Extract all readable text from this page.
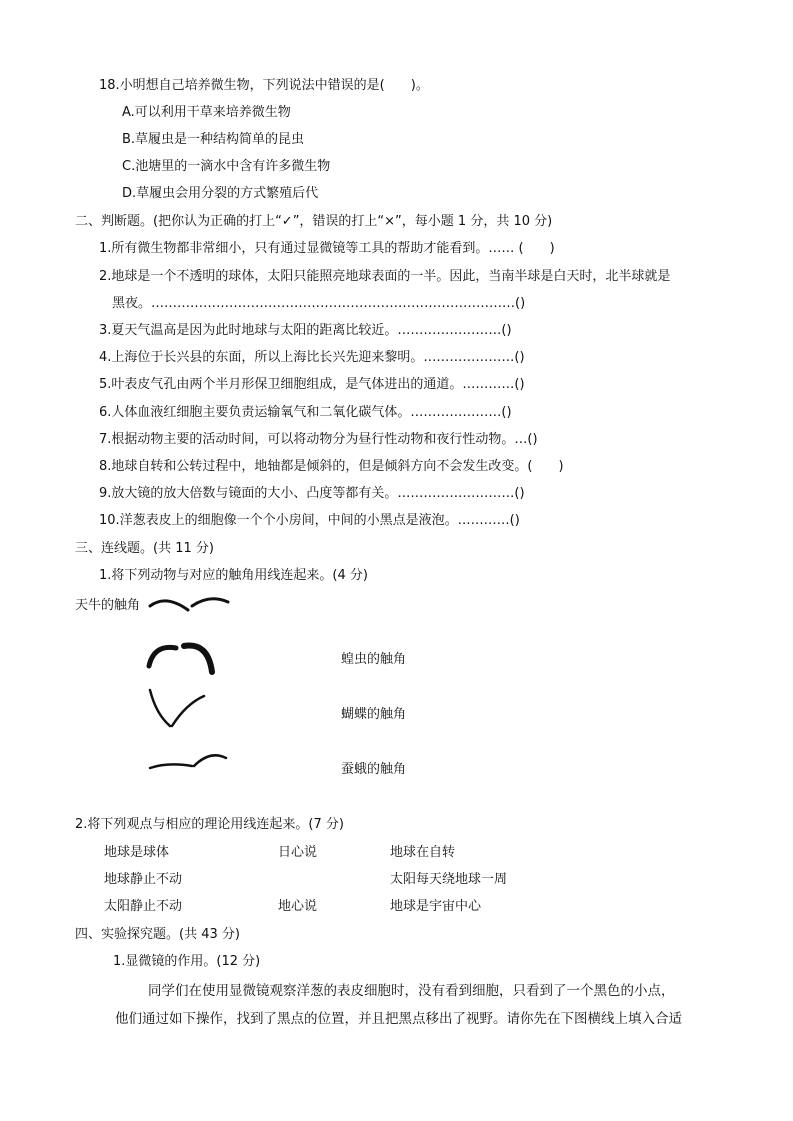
18.小明想自己培养微生物，下列说法中错误的是(　　)。
A.可以利用干草来培养微生物
B.草履虫是一种结构简单的昆虫
C.池塘里的一滴水中含有许多微生物
D.草履虫会用分裂的方式繁殖后代
二、判断题。(把你认为正确的打上“✓”，错误的打上“×”，每小题 1 分，共 10 分)
1.所有微生物都非常细小，只有通过显微镜等工具的帮助才能看到。…… (　　)
2.地球是一个不透明的球体，太阳只能照亮地球表面的一半。因此，当南半球是白天时，北半球就是
黑夜。…………………………………………………………………………()
3.夏天气温高是因为此时地球与太阳的距离比较近。……………………()
4.上海位于长兴县的东面，所以上海比长兴先迎来黎明。…………………()
5.叶表皮气孔由两个半月形保卫细胞组成，是气体进出的通道。…………()
6.人体血液红细胞主要负责运输氧气和二氧化碳气体。…………………()
7.根据动物主要的活动时间，可以将动物分为昼行性动物和夜行性动物。…()
8.地球自转和公转过程中，地轴都是倾斜的，但是倾斜方向不会发生改变。(　　)
9.放大镜的放大倍数与镜面的大小、凸度等都有关。………………………()
10.洋葱表皮上的细胞像一个个小房间，中间的小黑点是液泡。…………()
三、连线题。(共 11 分)
1.将下列动物与对应的触角用线连起来。(4 分)
天牛的触角
蝗虫的触角
蝴蝶的触角
蚕蛾的触角
2.将下列观点与相应的理论用线连起来。(7 分)
地球是球体
地球静止不动
太阳静止不动
日心说
地心说
地球在自转
太阳每天绕地球一周
地球是宇宙中心
四、实验探究题。(共 43 分)
1.显微镜的作用。(12 分)
同学们在使用显微镜观察洋葱的表皮细胞时，没有看到细胞，只看到了一个黑色的小点，
他们通过如下操作，找到了黑点的位置，并且把黑点移出了视野。请你先在下图横线上填入合适
